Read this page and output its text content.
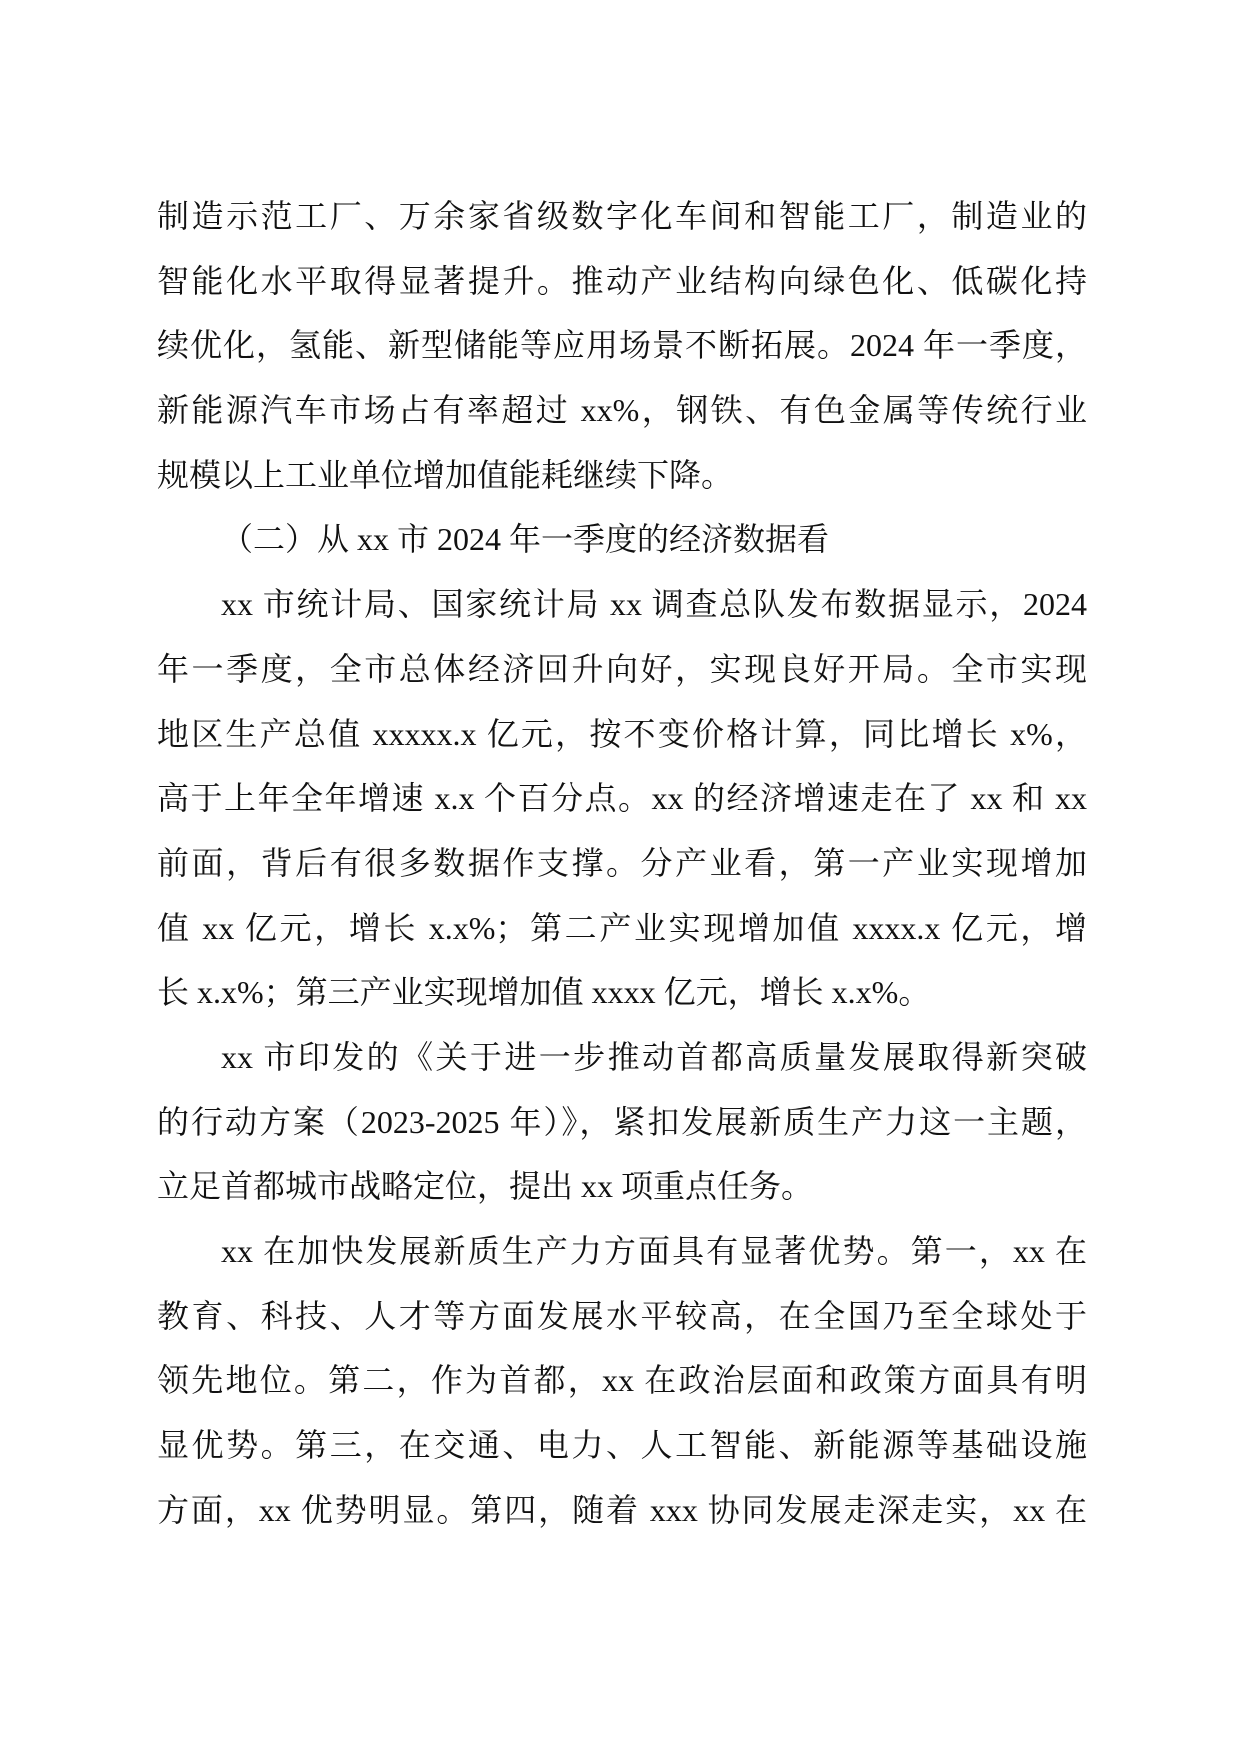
制造示范工厂、万余家省级数字化车间和智能工厂，制造业的
智能化水平取得显著提升。推动产业结构向绿色化、低碳化持
续优化，氢能、新型储能等应用场景不断拓展。2024 年一季度，
新能源汽车市场占有率超过 xx%，钢铁、有色金属等传统行业
规模以上工业单位增加值能耗继续下降。
（二）从 xx 市 2024 年一季度的经济数据看
xx 市统计局、国家统计局 xx 调查总队发布数据显示，2024
年一季度，全市总体经济回升向好，实现良好开局。全市实现
地区生产总值 xxxxx.x 亿元，按不变价格计算，同比增长 x%，
高于上年全年增速 x.x 个百分点。xx 的经济增速走在了 xx 和 xx
前面，背后有很多数据作支撑。分产业看，第一产业实现增加
值 xx 亿元，增长 x.x%；第二产业实现增加值 xxxx.x 亿元，增
长 x.x%；第三产业实现增加值 xxxx 亿元，增长 x.x%。
xx 市印发的《关于进一步推动首都高质量发展取得新突破
的行动方案（2023-2025 年）》，紧扣发展新质生产力这一主题，
立足首都城市战略定位，提出 xx 项重点任务。
xx 在加快发展新质生产力方面具有显著优势。第一，xx 在
教育、科技、人才等方面发展水平较高，在全国乃至全球处于
领先地位。第二，作为首都，xx 在政治层面和政策方面具有明
显优势。第三，在交通、电力、人工智能、新能源等基础设施
方面，xx 优势明显。第四，随着 xxx 协同发展走深走实，xx 在
